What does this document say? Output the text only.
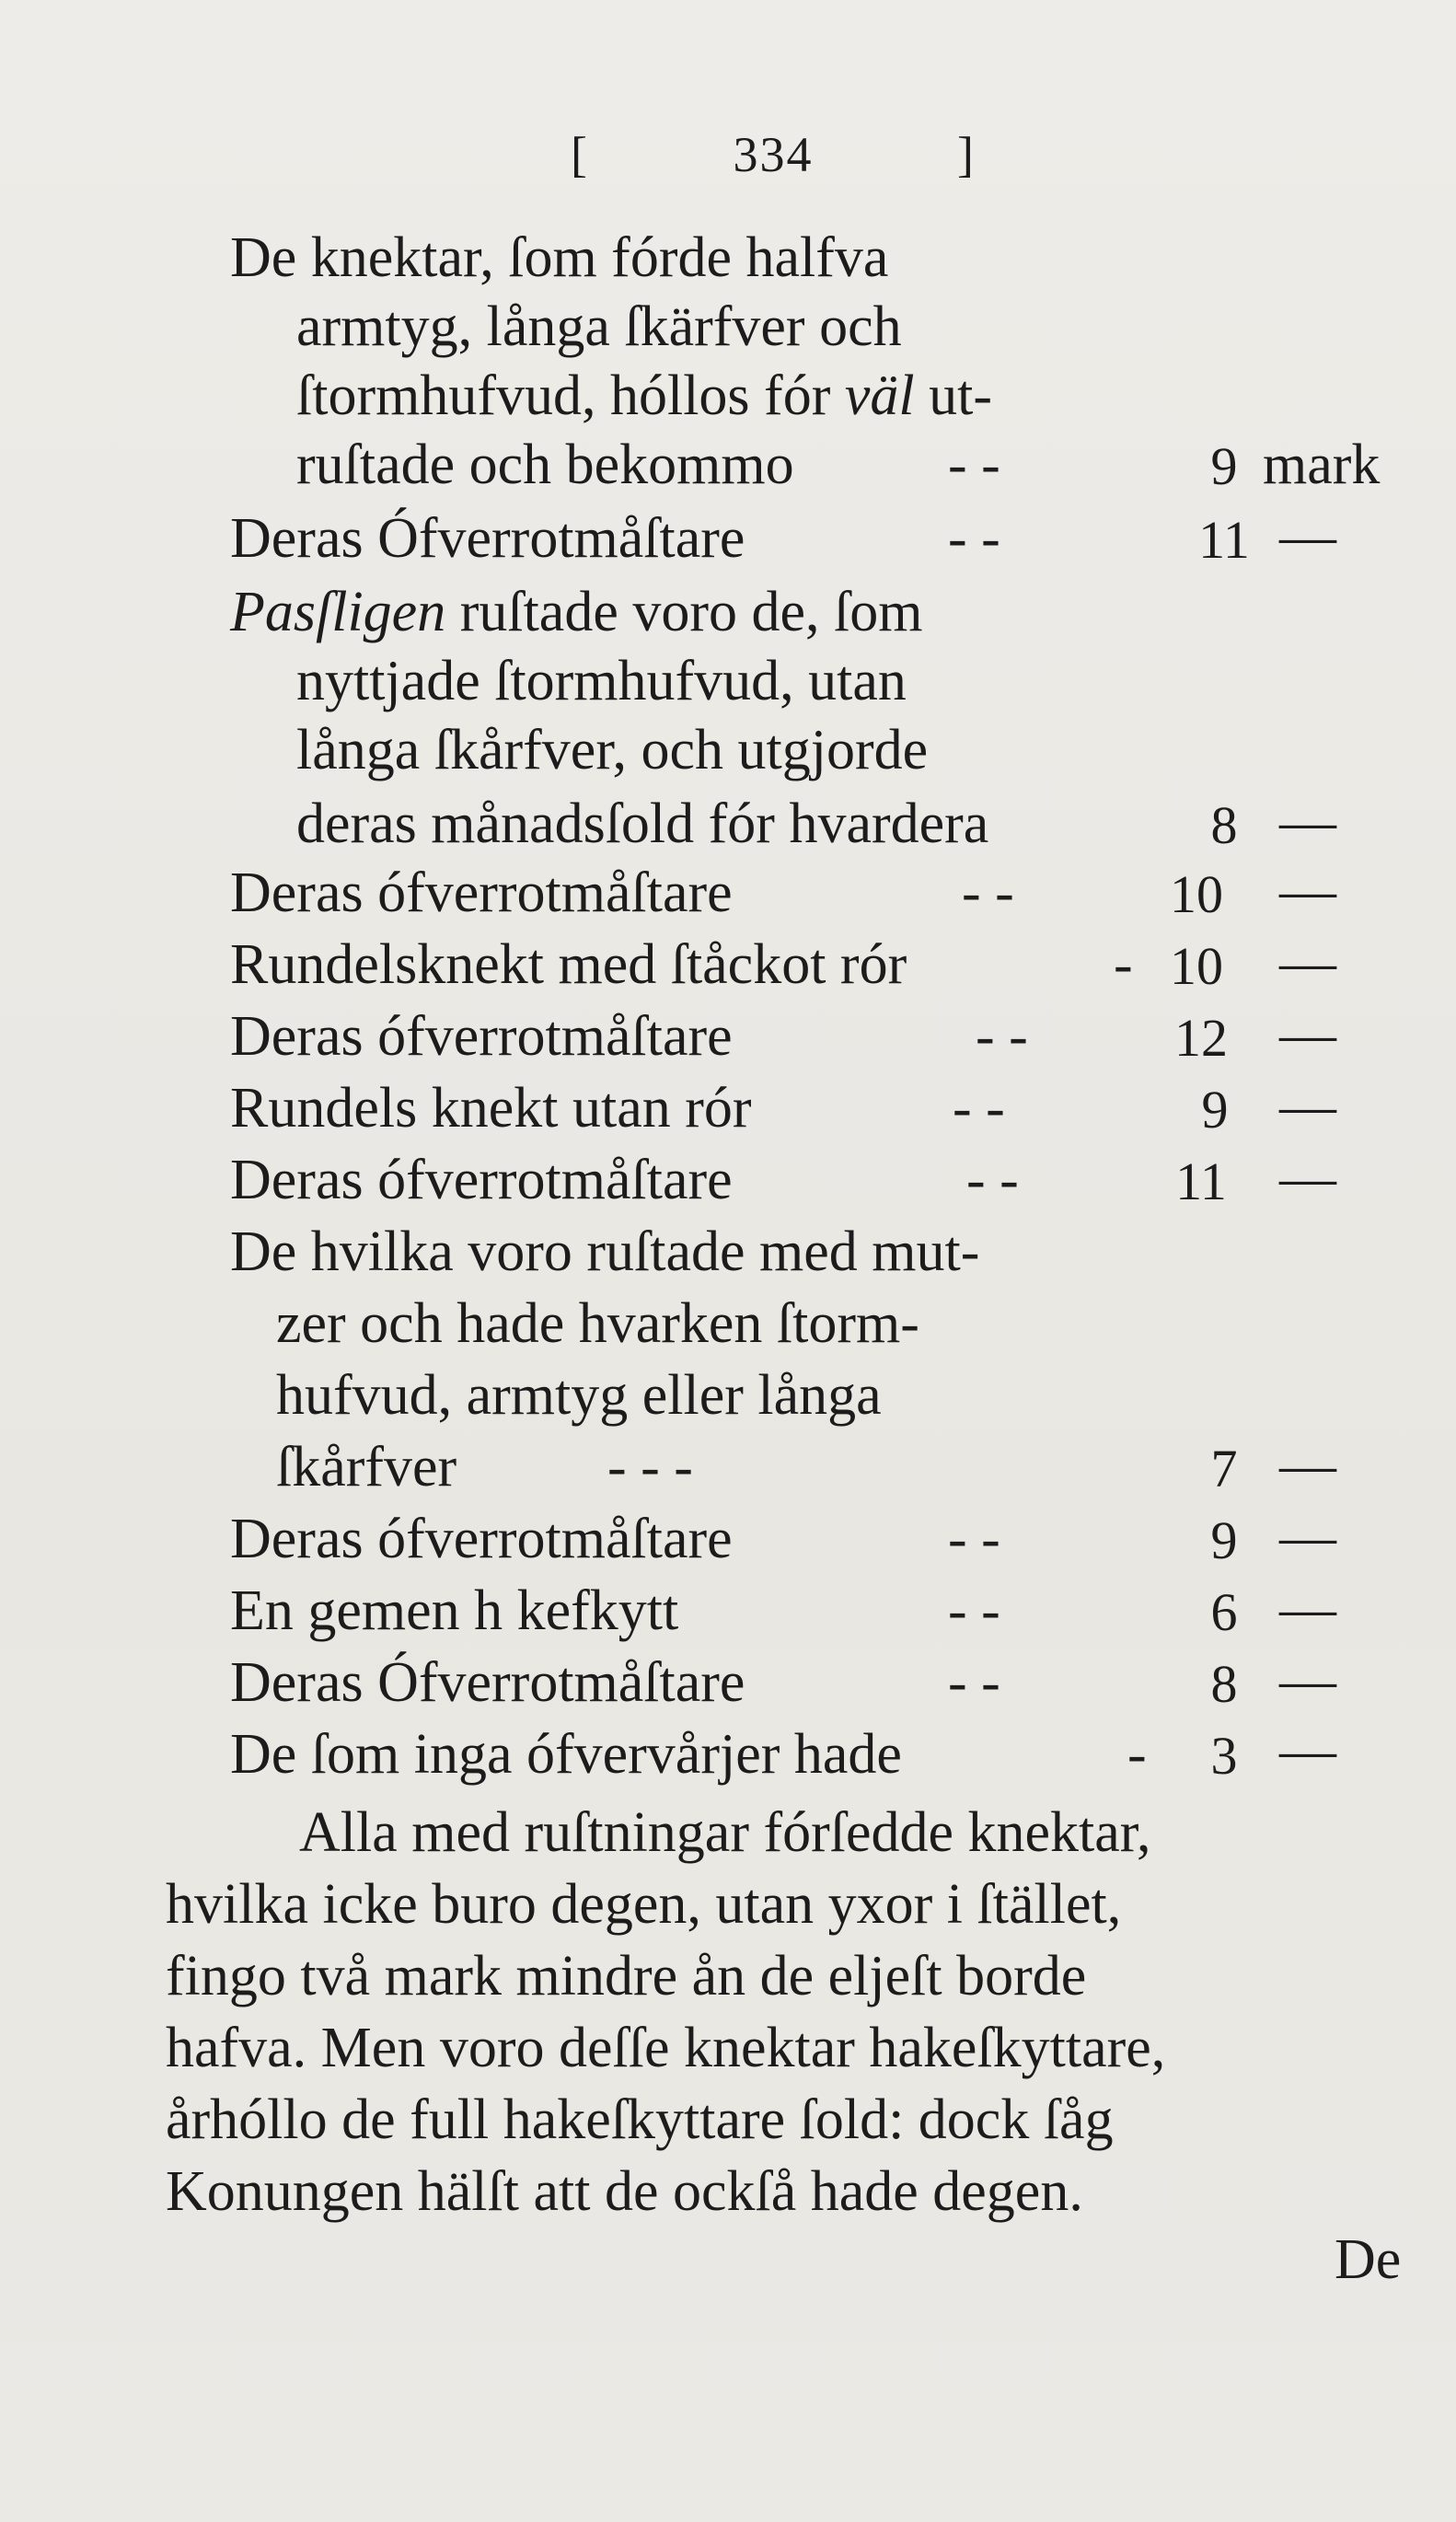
[	334	]
De knektar, ſom fórde halfva
armtyg, långa ſkärfver och
ſtormhufvud, hóllos fór väl ut-
ruſtade och bekommo	- -	9 mark
Deras Ófverrotmåſtare	- -	11 —
Pasſligen ruſtade voro de, ſom
nyttjade ſtormhufvud, utan
långa ſkårfver, och utgjorde
deras månadsſold fór hvardera	8 —
Deras ófverrotmåſtare	- -	10 —
Rundelsknekt med ſtåckot rór	- 10 —
Deras ófverrotmåſtare	- -	12 —
Rundels knekt utan rór	- -	9 —
Deras ófverrotmåſtare	- -	11 —
De hvilka voro ruſtade med mut-
zer och hade hvarken ſtorm-
hufvud, armtyg eller långa
ſkårfver	- - -	7 —
Deras ófverrotmåſtare	- -	9 —
En gemen h kefkytt	- -	6 —
Deras Ófverrotmåſtare	- -	8 —
De ſom inga ófvervårjer hade	-	3 —
Alla med ruſtningar fórſedde knektar,
hvilka icke buro degen, utan yxor i ſtället,
fingo två mark mindre ån de eljeſt borde
hafva. Men voro deſſe knektar hakeſkyttare,
århóllo de full hakeſkyttare ſold: dock ſåg
Konungen hälſt att de ockſå hade degen.
De
